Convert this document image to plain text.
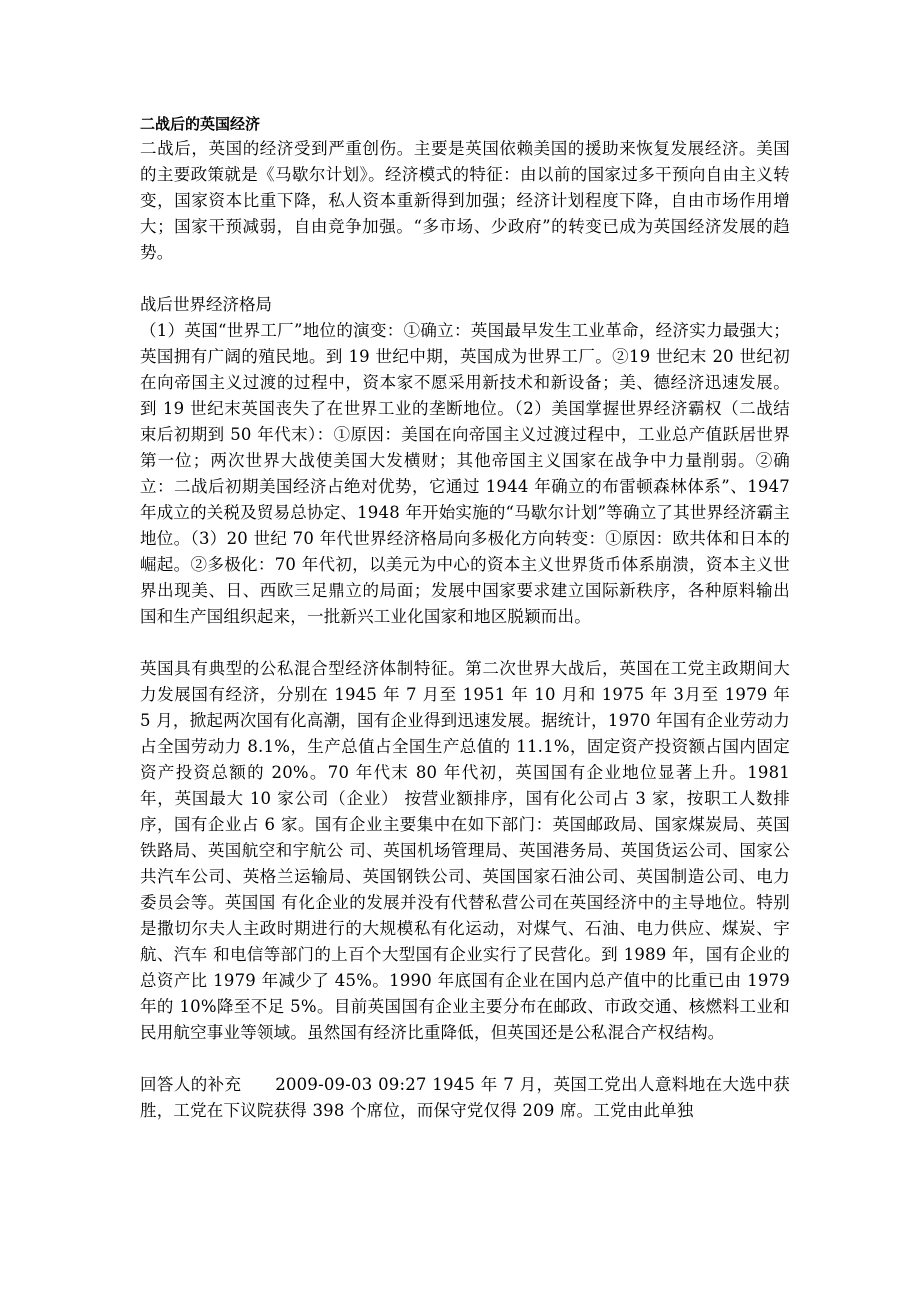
二战后的英国经济

二战后，英国的经济受到严重创伤。主要是英国依赖美国的援助来恢复发展经济。美国的主要政策就是《马歇尔计划》。经济模式的特征：由以前的国家过多干预向自由主义转变，国家资本比重下降，私人资本重新得到加强；经济计划程度下降，自由市场作用增大；国家干预减弱，自由竞争加强。“多市场、少政府”的转变已成为英国经济发展的趋势。

战后世界经济格局

（1）英国“世界工厂”地位的演变：①确立：英国最早发生工业革命，经济实力最强大；英国拥有广阔的殖民地。到 19 世纪中期，英国成为世界工厂。②19 世纪末 20 世纪初在向帝国主义过渡的过程中，资本家不愿采用新技术和新设备；美、德经济迅速发展。到 19 世纪末英国丧失了在世界工业的垄断地位。（2）美国掌握世界经济霸权（二战结束后初期到 50 年代末）：①原因：美国在向帝国主义过渡过程中，工业总产值跃居世界第一位；两次世界大战使美国大发横财；其他帝国主义国家在战争中力量削弱。②确立：二战后初期美国经济占绝对优势，它通过 1944 年确立的布雷顿森林体系”、1947 年成立的关税及贸易总协定、1948 年开始实施的“马歇尔计划”等确立了其世界经济霸主地位。（3）20 世纪 70 年代世界经济格局向多极化方向转变：①原因：欧共体和日本的崛起。②多极化：70 年代初，以美元为中心的资本主义世界货币体系崩溃，资本主义世界出现美、日、西欧三足鼎立的局面；发展中国家要求建立国际新秩序，各种原料输出国和生产国组织起来，一批新兴工业化国家和地区脱颖而出。

英国具有典型的公私混合型经济体制特征。第二次世界大战后，英国在工党主政期间大力发展国有经济，分别在 1945 年 7 月至 1951 年 10 月和 1975 年 3月至 1979 年 5 月，掀起两次国有化高潮，国有企业得到迅速发展。据统计，1970 年国有企业劳动力占全国劳动力 8.1%，生产总值占全国生产总值的 11.1%，固定资产投资额占国内固定资产投资总额的 20%。70 年代末 80 年代初，英国国有企业地位显著上升。1981 年，英国最大 10 家公司（企业） 按营业额排序，国有化公司占 3 家，按职工人数排序，国有企业占 6 家。国有企业主要集中在如下部门：英国邮政局、国家煤炭局、英国铁路局、英国航空和宇航公 司、英国机场管理局、英国港务局、英国货运公司、国家公共汽车公司、英格兰运输局、英国钢铁公司、英国国家石油公司、英国制造公司、电力委员会等。英国国 有化企业的发展并没有代替私营公司在英国经济中的主导地位。特别是撒切尔夫人主政时期进行的大规模私有化运动，对煤气、石油、电力供应、煤炭、宇航、汽车 和电信等部门的上百个大型国有企业实行了民营化。到 1989 年，国有企业的总资产比 1979 年减少了 45%。1990 年底国有企业在国内总产值中的比重已由 1979 年的 10%降至不足 5%。目前英国国有企业主要分布在邮政、市政交通、核燃料工业和民用航空事业等领域。虽然国有经济比重降低，但英国还是公私混合产权结构。

回答人的补充　　2009-09-03 09:27 1945 年 7 月，英国工党出人意料地在大选中获胜，工党在下议院获得 398 个席位，而保守党仅得 209 席。工党由此单独
